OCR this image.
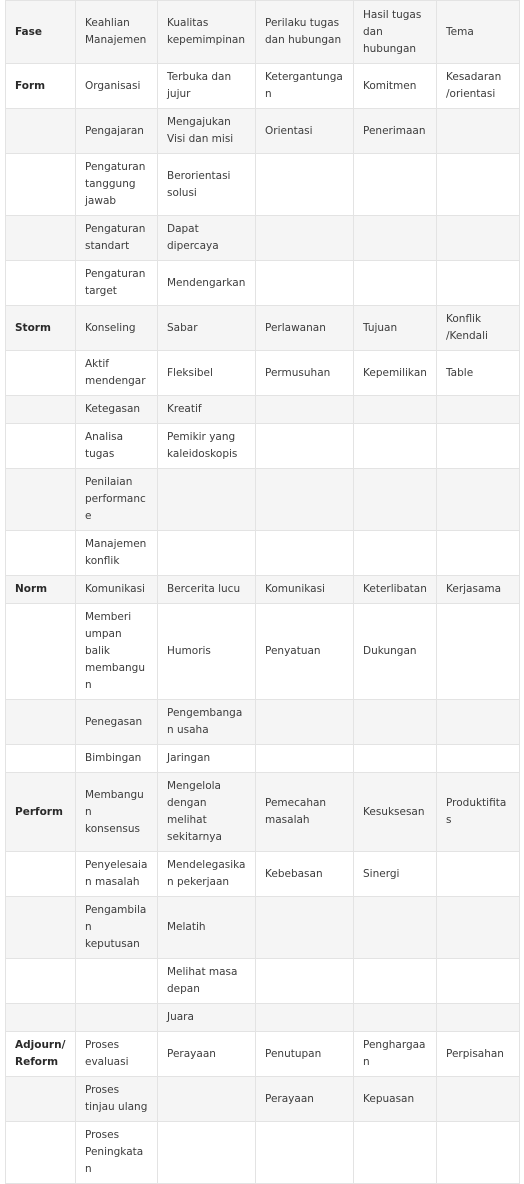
Fase	Keahlian Manajemen	Kualitas kepemimpinan	Perilaku tugas dan hubungan	Hasil tugas dan hubungan	Tema
Form	Organisasi	Terbuka dan jujur	Ketergantungan	Komitmen	Kesadaran /orientasi
	Pengajaran	Mengajukan Visi dan misi	Orientasi	Penerimaan	
	Pengaturan tanggung jawab	Berorientasi solusi			
	Pengaturan standart	Dapat dipercaya			
	Pengaturan target	Mendengarkan			
Storm	Konseling	Sabar	Perlawanan	Tujuan	Konflik /Kendali
	Aktif mendengar	Fleksibel	Permusuhan	Kepemilikan	Table
	Ketegasan	Kreatif			
	Analisa tugas	Pemikir yang kaleidoskopis			
	Penilaian performance				
	Manajemen konflik				
Norm	Komunikasi	Bercerita lucu	Komunikasi	Keterlibatan	Kerjasama
	Memberi umpan balik membangun	Humoris	Penyatuan	Dukungan	
	Penegasan	Pengembangan usaha			
	Bimbingan	Jaringan			
Perform	Membangun konsensus	Mengelola dengan melihat sekitarnya	Pemecahan masalah	Kesuksesan	Produktifitas
	Penyelesaian masalah	Mendelegasikan pekerjaan	Kebebasan	Sinergi	
	Pengambilan keputusan	Melatih			
		Melihat masa depan			
		Juara			
Adjourn/ Reform	Proses evaluasi	Perayaan	Penutupan	Penghargaan	Perpisahan
	Proses tinjau ulang		Perayaan	Kepuasan	
	Proses Peningkatan				
